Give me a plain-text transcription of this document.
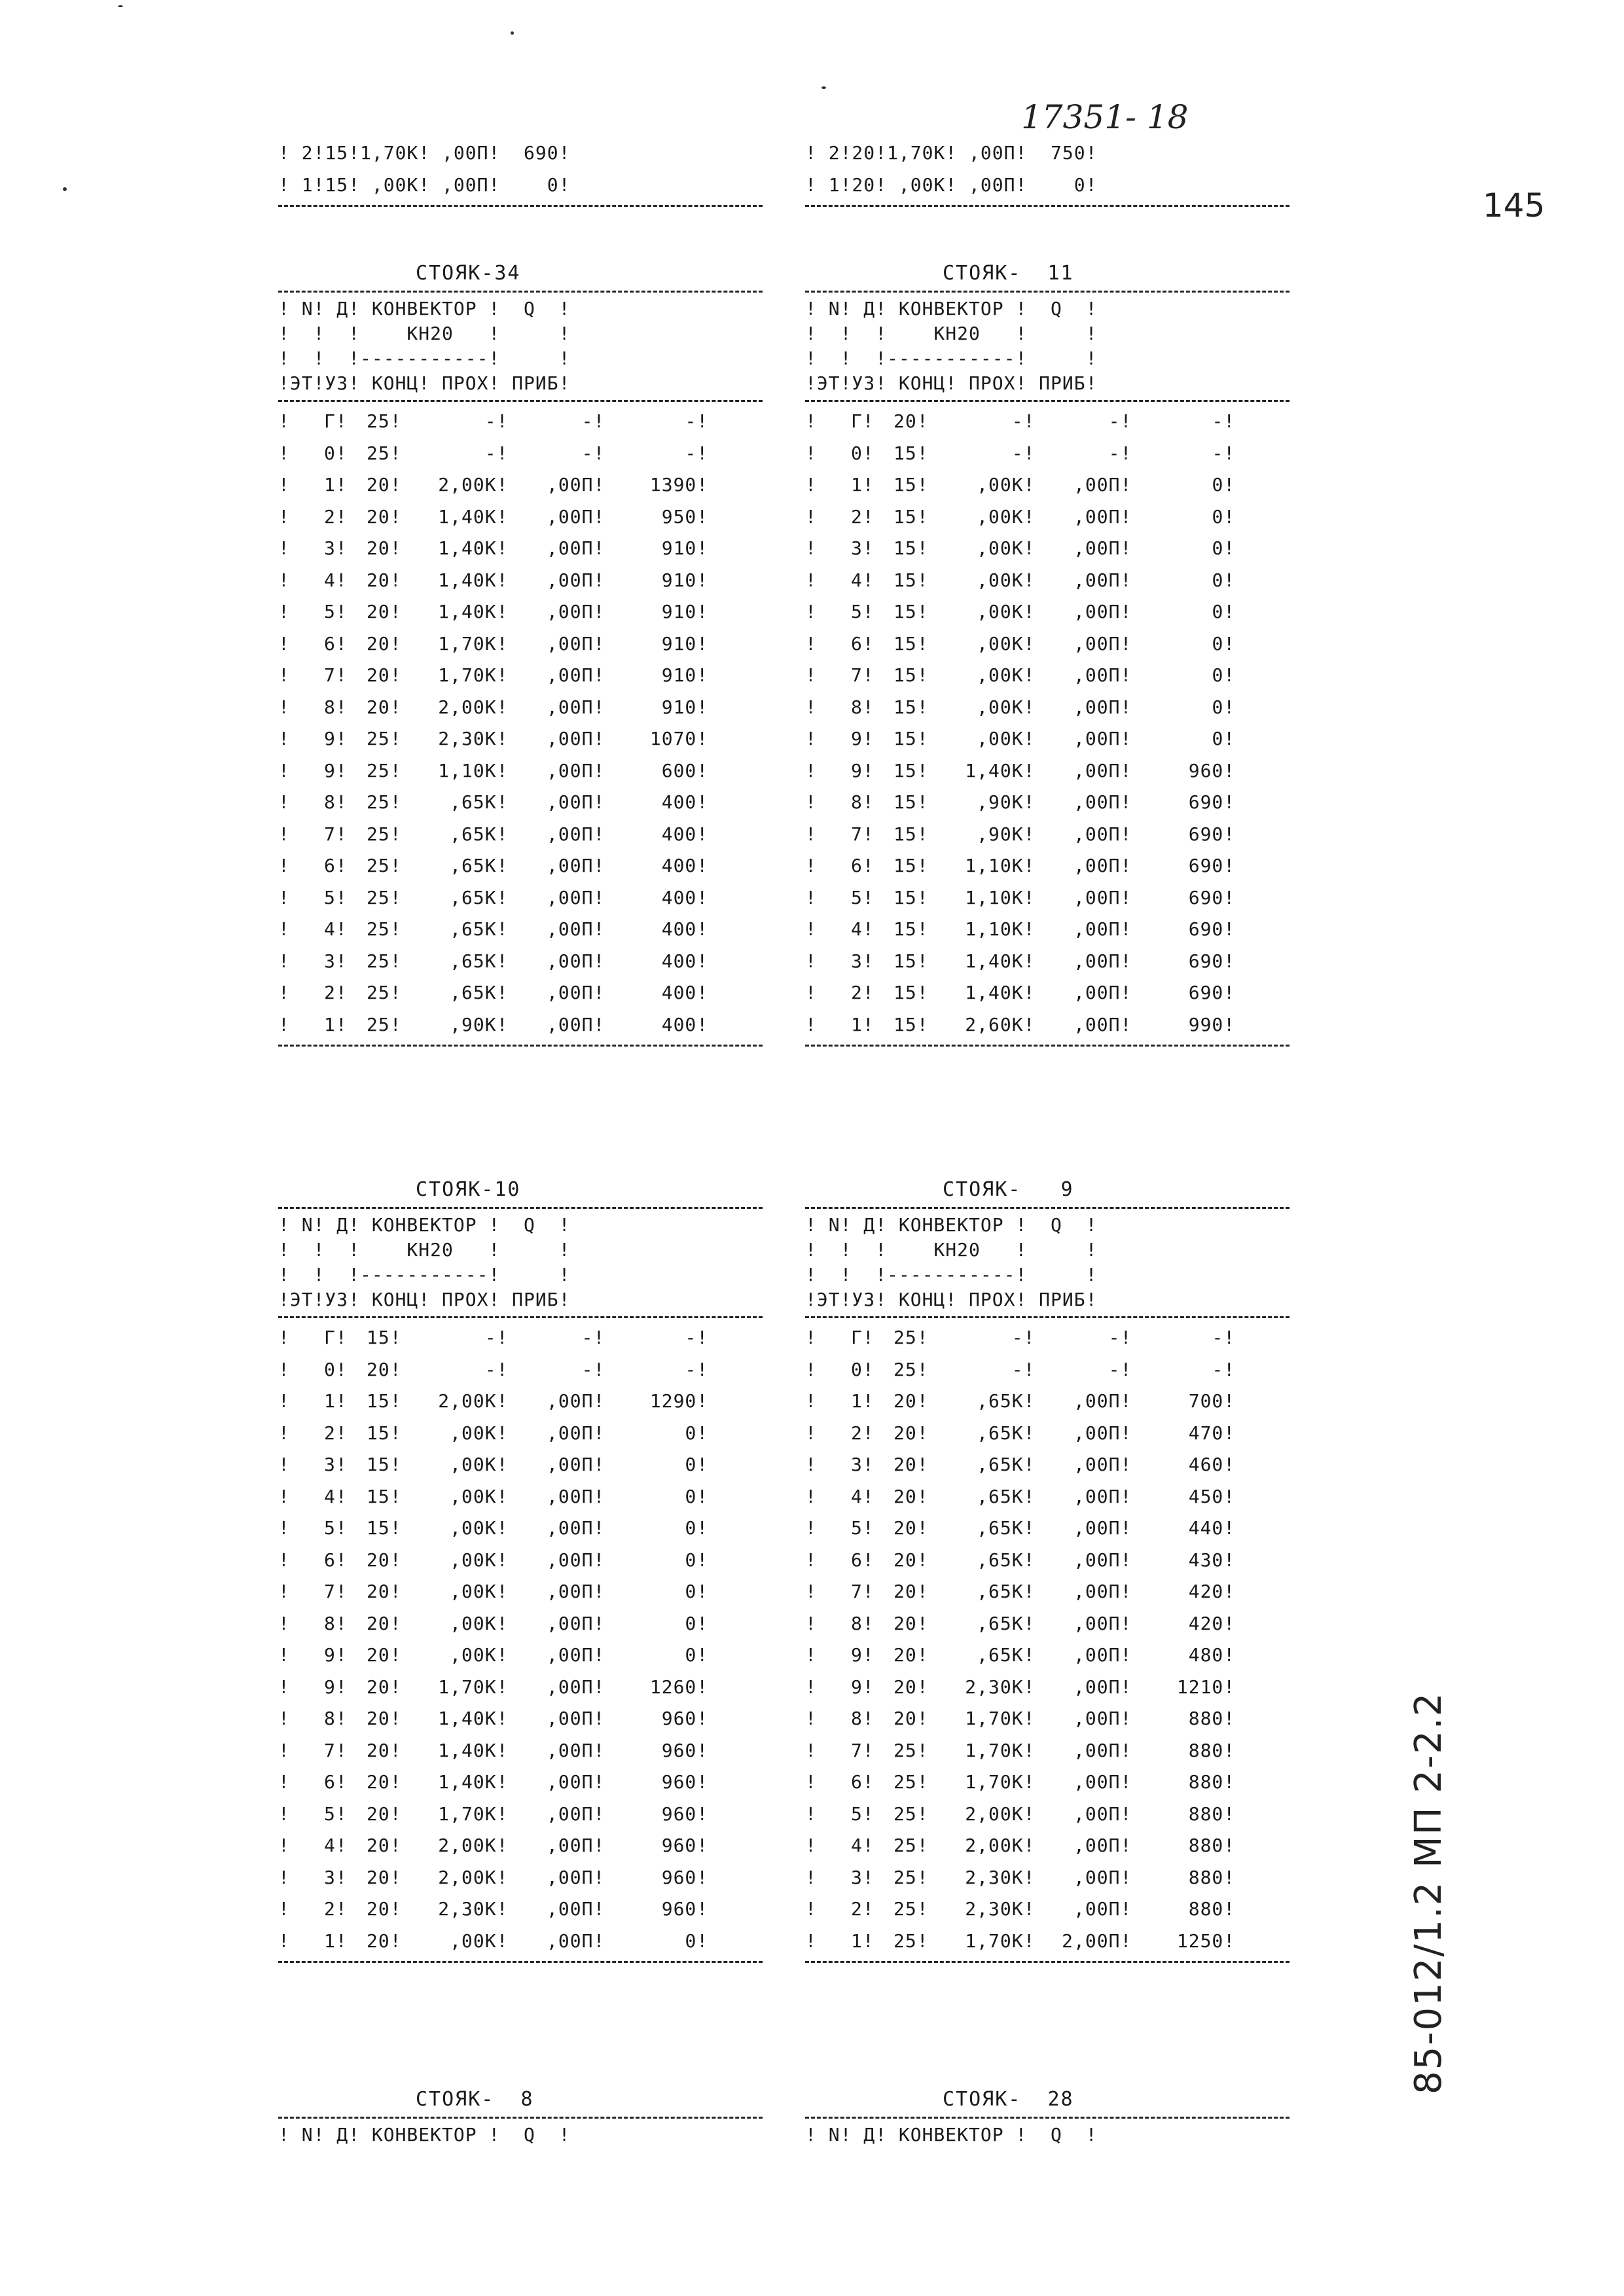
17351- 18
145
85-012/1.2 МП 2-2.2
! 2!15!1,70К! ,00П!  690!
! 1!15! ,00К! ,00П!    0!
! 2!20!1,70К! ,00П!  750!
! 1!20! ,00К! ,00П!    0!
СТОЯК-34
! N! Д! КОНВЕКТОР !  Q  !
!  !  !    КН20   !     !
!  !  !-----------!     !
!ЭТ!УЗ! КОНЦ! ПРОХ! ПРИБ!
!	Г !	25 !	- !	- !	- !
!	0 !	25 !	- !	- !	- !
!	1 !	20 !	2,00К !	,00П !	1390 !
!	2 !	20 !	1,40К !	,00П !	950 !
!	3 !	20 !	1,40К !	,00П !	910 !
!	4 !	20 !	1,40К !	,00П !	910 !
!	5 !	20 !	1,40К !	,00П !	910 !
!	6 !	20 !	1,70К !	,00П !	910 !
!	7 !	20 !	1,70К !	,00П !	910 !
!	8 !	20 !	2,00К !	,00П !	910 !
!	9 !	25 !	2,30К !	,00П !	1070 !
!	9 !	25 !	1,10К !	,00П !	600 !
!	8 !	25 !	,65К !	,00П !	400 !
!	7 !	25 !	,65К !	,00П !	400 !
!	6 !	25 !	,65К !	,00П !	400 !
!	5 !	25 !	,65К !	,00П !	400 !
!	4 !	25 !	,65К !	,00П !	400 !
!	3 !	25 !	,65К !	,00П !	400 !
!	2 !	25 !	,65К !	,00П !	400 !
!	1 !	25 !	,90К !	,00П !	400 !
СТОЯК-  11
! N! Д! КОНВЕКТОР !  Q  !
!  !  !    КН20   !     !
!  !  !-----------!     !
!ЭТ!УЗ! КОНЦ! ПРОХ! ПРИБ!
!	Г !	20 !	- !	- !	- !
!	0 !	15 !	- !	- !	- !
!	1 !	15 !	,00К !	,00П !	0 !
!	2 !	15 !	,00К !	,00П !	0 !
!	3 !	15 !	,00К !	,00П !	0 !
!	4 !	15 !	,00К !	,00П !	0 !
!	5 !	15 !	,00К !	,00П !	0 !
!	6 !	15 !	,00К !	,00П !	0 !
!	7 !	15 !	,00К !	,00П !	0 !
!	8 !	15 !	,00К !	,00П !	0 !
!	9 !	15 !	,00К !	,00П !	0 !
!	9 !	15 !	1,40К !	,00П !	960 !
!	8 !	15 !	,90К !	,00П !	690 !
!	7 !	15 !	,90К !	,00П !	690 !
!	6 !	15 !	1,10К !	,00П !	690 !
!	5 !	15 !	1,10К !	,00П !	690 !
!	4 !	15 !	1,10К !	,00П !	690 !
!	3 !	15 !	1,40К !	,00П !	690 !
!	2 !	15 !	1,40К !	,00П !	690 !
!	1 !	15 !	2,60К !	,00П !	990 !
СТОЯК-10
! N! Д! КОНВЕКТОР !  Q  !
!  !  !    КН20   !     !
!  !  !-----------!     !
!ЭТ!УЗ! КОНЦ! ПРОХ! ПРИБ!
!	Г !	15 !	- !	- !	- !
!	0 !	20 !	- !	- !	- !
!	1 !	15 !	2,00К !	,00П !	1290 !
!	2 !	15 !	,00К !	,00П !	0 !
!	3 !	15 !	,00К !	,00П !	0 !
!	4 !	15 !	,00К !	,00П !	0 !
!	5 !	15 !	,00К !	,00П !	0 !
!	6 !	20 !	,00К !	,00П !	0 !
!	7 !	20 !	,00К !	,00П !	0 !
!	8 !	20 !	,00К !	,00П !	0 !
!	9 !	20 !	,00К !	,00П !	0 !
!	9 !	20 !	1,70К !	,00П !	1260 !
!	8 !	20 !	1,40К !	,00П !	960 !
!	7 !	20 !	1,40К !	,00П !	960 !
!	6 !	20 !	1,40К !	,00П !	960 !
!	5 !	20 !	1,70К !	,00П !	960 !
!	4 !	20 !	2,00К !	,00П !	960 !
!	3 !	20 !	2,00К !	,00П !	960 !
!	2 !	20 !	2,30К !	,00П !	960 !
!	1 !	20 !	,00К !	,00П !	0 !
СТОЯК-   9
! N! Д! КОНВЕКТОР !  Q  !
!  !  !    КН20   !     !
!  !  !-----------!     !
!ЭТ!УЗ! КОНЦ! ПРОХ! ПРИБ!
!	Г !	25 !	- !	- !	- !
!	0 !	25 !	- !	- !	- !
!	1 !	20 !	,65К !	,00П !	700 !
!	2 !	20 !	,65К !	,00П !	470 !
!	3 !	20 !	,65К !	,00П !	460 !
!	4 !	20 !	,65К !	,00П !	450 !
!	5 !	20 !	,65К !	,00П !	440 !
!	6 !	20 !	,65К !	,00П !	430 !
!	7 !	20 !	,65К !	,00П !	420 !
!	8 !	20 !	,65К !	,00П !	420 !
!	9 !	20 !	,65К !	,00П !	480 !
!	9 !	20 !	2,30К !	,00П !	1210 !
!	8 !	20 !	1,70К !	,00П !	880 !
!	7 !	25 !	1,70К !	,00П !	880 !
!	6 !	25 !	1,70К !	,00П !	880 !
!	5 !	25 !	2,00К !	,00П !	880 !
!	4 !	25 !	2,00К !	,00П !	880 !
!	3 !	25 !	2,30К !	,00П !	880 !
!	2 !	25 !	2,30К !	,00П !	880 !
!	1 !	25 !	1,70К !	2,00П !	1250 !
СТОЯК-  8
! N! Д! КОНВЕКТОР !  Q  !
СТОЯК-  28
! N! Д! КОНВЕКТОР !  Q  !
